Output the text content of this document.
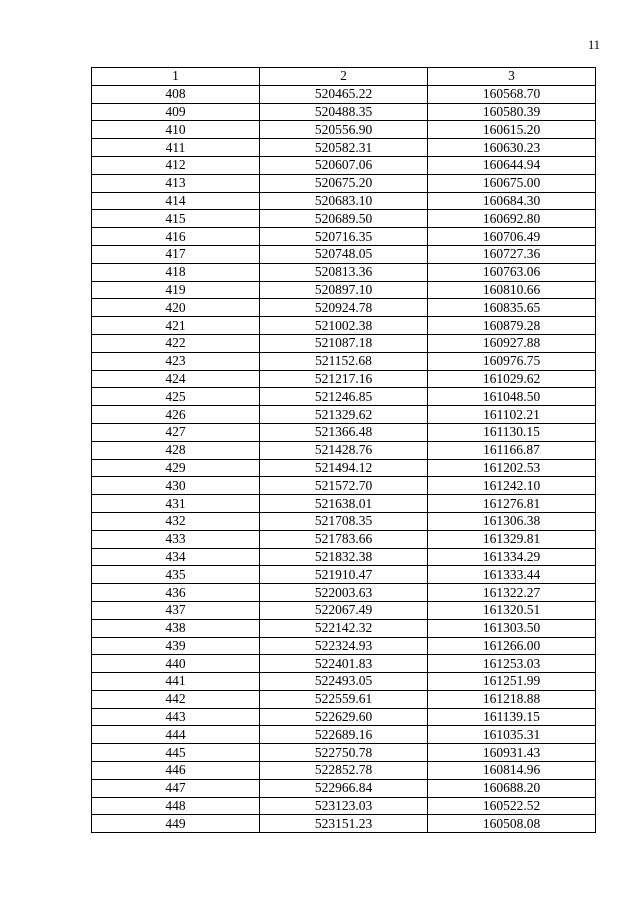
11
1	2	3
408	520465.22	160568.70
409	520488.35	160580.39
410	520556.90	160615.20
411	520582.31	160630.23
412	520607.06	160644.94
413	520675.20	160675.00
414	520683.10	160684.30
415	520689.50	160692.80
416	520716.35	160706.49
417	520748.05	160727.36
418	520813.36	160763.06
419	520897.10	160810.66
420	520924.78	160835.65
421	521002.38	160879.28
422	521087.18	160927.88
423	521152.68	160976.75
424	521217.16	161029.62
425	521246.85	161048.50
426	521329.62	161102.21
427	521366.48	161130.15
428	521428.76	161166.87
429	521494.12	161202.53
430	521572.70	161242.10
431	521638.01	161276.81
432	521708.35	161306.38
433	521783.66	161329.81
434	521832.38	161334.29
435	521910.47	161333.44
436	522003.63	161322.27
437	522067.49	161320.51
438	522142.32	161303.50
439	522324.93	161266.00
440	522401.83	161253.03
441	522493.05	161251.99
442	522559.61	161218.88
443	522629.60	161139.15
444	522689.16	161035.31
445	522750.78	160931.43
446	522852.78	160814.96
447	522966.84	160688.20
448	523123.03	160522.52
449	523151.23	160508.08
